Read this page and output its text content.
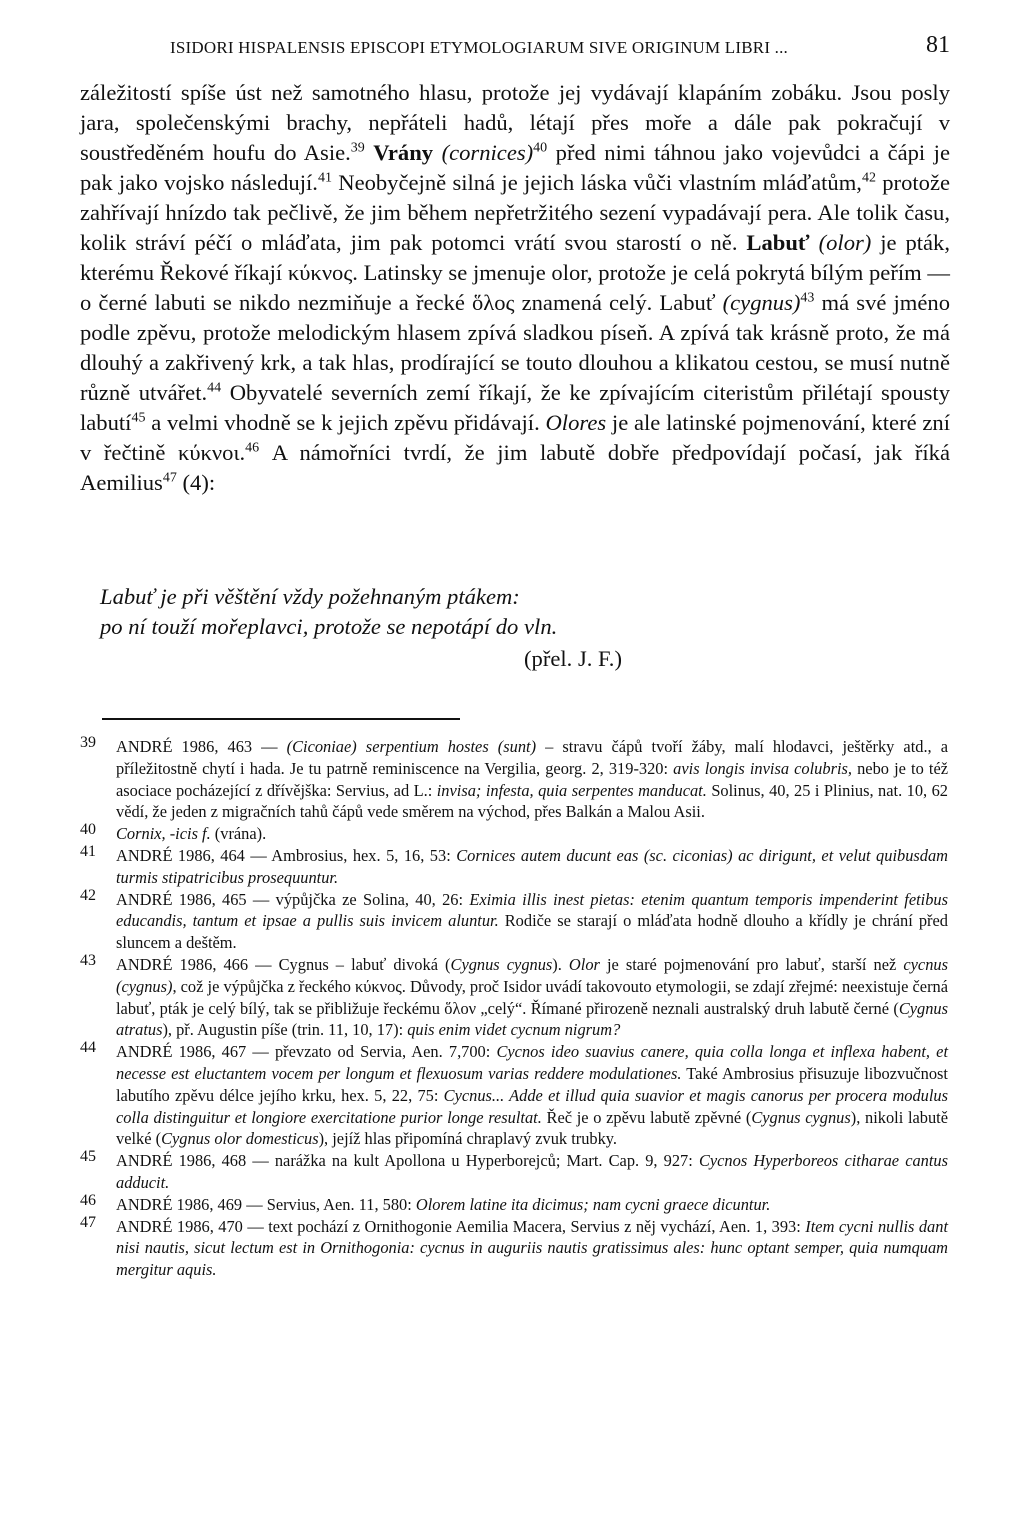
ISIDORI HISPALENSIS EPISCOPI ETYMOLOGIARUM SIVE ORIGINUM LIBRI ...	81

záležitostí spíše úst než samotného hlasu, protože jej vydávají klapáním zobáku. Jsou posly jara, společenskými brachy, nepřáteli hadů, létají přes moře a dále pak pokračují v soustředěném houfu do Asie.$^{39}$ Vrány (cornices)$^{40}$ před nimi táhnou jako vojevůdci a čápi je pak jako vojsko následují.$^{41}$ Neobyčejně silná je jejich láska vůči vlastním mláďatům,$^{42}$ protože zahřívají hnízdo tak pečlivě, že jim během nepřetržitého sezení vypadávají pera. Ale tolik času, kolik stráví péčí o mláďata, jim pak potomci vrátí svou starostí o ně. Labuť (olor) je pták, kterému Řekové říkají κύκνος. Latinsky se jmenuje olor, protože je celá pokrytá bílým peřím — o černé labuti se nikdo nezmiňuje a řecké ὅλος znamená celý. Labuť (cygnus)$^{43}$ má své jméno podle zpěvu, protože melodickým hlasem zpívá sladkou píseň. A zpívá tak krásně proto, že má dlouhý a zakřivený krk, a tak hlas, prodírající se touto dlouhou a klikatou cestou, se musí nutně různě utvářet.$^{44}$ Obyvatelé severních zemí říkají, že ke zpívajícím citeristům přilétají spousty labutí$^{45}$ a velmi vhodně se k jejich zpěvu přidávají. Olores je ale latinské pojmenování, které zní v řečtině κύκνοι.$^{46}$ A námořníci tvrdí, že jim labutě dobře předpovídají počasí, jak říká Aemilius$^{47}$ (4):

Labuť je při věštění vždy požehnaným ptákem:
po ní touží mořeplavci, protože se nepotápí do vln.
(přel. J. F.)
39 ANDRÉ 1986, 463 — (Ciconiae) serpentium hostes (sunt) – stravu čápů tvoří žáby, malí hlodavci, ještěrky atd., a příležitostně chytí i hada. Je tu patrně reminiscence na Vergilia, georg. 2, 319-320: avis longis invisa colubris, nebo je to též asociace pocházející z dřívějška: Servius, ad L.: invisa; infesta, quia serpentes manducat. Solinus, 40, 25 i Plinius, nat. 10, 62 vědí, že jeden z migračních tahů čápů vede směrem na východ, přes Balkán a Malou Asii.
40 Cornix, -icis f. (vrána).
41 ANDRÉ 1986, 464 — Ambrosius, hex. 5, 16, 53: Cornices autem ducunt eas (sc. ciconias) ac dirigunt, et velut quibusdam turmis stipatricibus prosequuntur.
42 ANDRÉ 1986, 465 — výpůjčka ze Solina, 40, 26: Eximia illis inest pietas: etenim quantum temporis impenderint fetibus educandis, tantum et ipsae a pullis suis invicem aluntur. Rodiče se starají o mláďata hodně dlouho a křídly je chrání před sluncem a deštěm.
43 ANDRÉ 1986, 466 — Cygnus – labuť divoká (Cygnus cygnus). Olor je staré pojmenování pro labuť, starší než cycnus (cygnus), což je výpůjčka z řeckého κύκνος. Důvody, proč Isidor uvádí takovouto etymologii, se zdají zřejmé: neexistuje černá labuť, pták je celý bílý, tak se přibližuje řeckému ὅλον „celý“. Římané přirozeně neznali australský druh labutě černé (Cygnus atratus), př. Augustin píše (trin. 11, 10, 17): quis enim videt cycnum nigrum?
44 ANDRÉ 1986, 467 — převzato od Servia, Aen. 7,700: Cycnos ideo suavius canere, quia colla longa et inflexa habent, et necesse est eluctantem vocem per longum et flexuosum varias reddere modulationes. Také Ambrosius přisuzuje libozvučnost labutího zpěvu délce jejího krku, hex. 5, 22, 75: Cycnus... Adde et illud quia suavior et magis canorus per procera modulus colla distinguitur et longiore exercitatione purior longe resultat. Řeč je o zpěvu labutě zpěvné (Cygnus cygnus), nikoli labutě velké (Cygnus olor domesticus), jejíž hlas připomíná chraplavý zvuk trubky.
45 ANDRÉ 1986, 468 — narážka na kult Apollona u Hyperborejců; Mart. Cap. 9, 927: Cycnos Hyperboreos citharae cantus adducit.
46 ANDRÉ 1986, 469 — Servius, Aen. 11, 580: Olorem latine ita dicimus; nam cycni graece dicuntur.
47 ANDRÉ 1986, 470 — text pochází z Ornithogonie Aemilia Macera, Servius z něj vychází, Aen. 1, 393: Item cycni nullis dant nisi nautis, sicut lectum est in Ornithogonia: cycnus in auguriis nautis gratissimus ales: hunc optant semper, quia numquam mergitur aquis.
